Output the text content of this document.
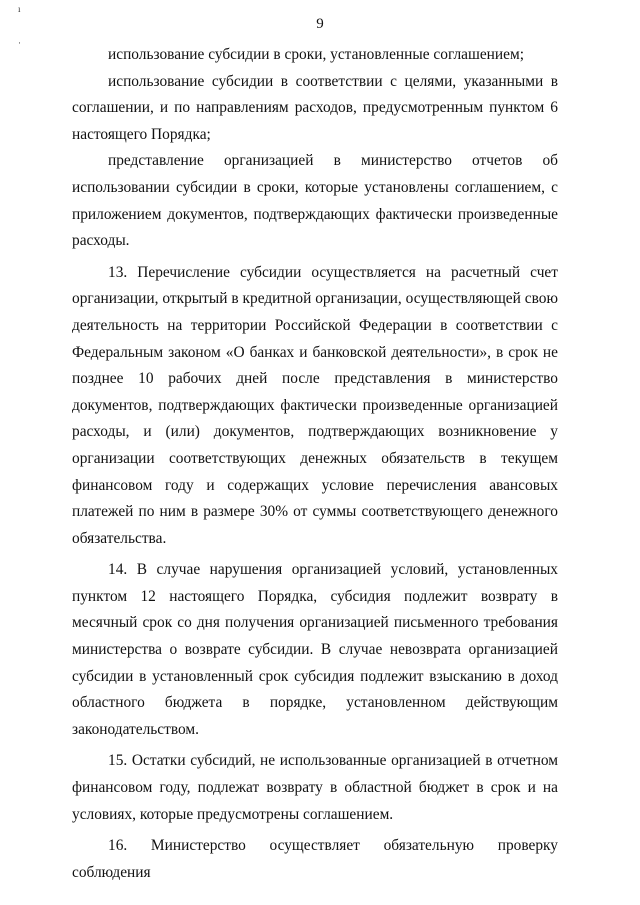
9
ı
·

использование субсидии в сроки, установленные соглашением;

использование субсидии в соответствии с целями, указанными в соглашении, и по направлениям расходов, предусмотренным пунктом 6 настоящего Порядка;

представление организацией в министерство отчетов об использовании субсидии в сроки, которые установлены соглашением, с приложением документов, подтверждающих фактически произведенные расходы.

13. Перечисление субсидии осуществляется на расчетный счет организации, открытый в кредитной организации, осуществляющей свою деятельность на территории Российской Федерации в соответствии с Федеральным законом «О банках и банковской деятельности», в срок не позднее 10 рабочих дней после представления в министерство документов, подтверждающих фактически произведенные организацией расходы, и (или) документов, подтверждающих возникновение у организации соответствующих денежных обязательств в текущем финансовом году и содержащих условие перечисления авансовых платежей по ним в размере 30% от суммы соответствующего денежного обязательства.

14. В случае нарушения организацией условий, установленных пунктом 12 настоящего Порядка, субсидия подлежит возврату в месячный срок со дня получения организацией письменного требования министерства о возврате субсидии. В случае невозврата организацией субсидии в установленный срок субсидия подлежит взысканию в доход областного бюджета в порядке, установленном действующим законодательством.

15. Остатки субсидий, не использованные организацией в отчетном финансовом году, подлежат возврату в областной бюджет в срок и на условиях, которые предусмотрены соглашением.

16. Министерство осуществляет обязательную проверку соблюдения
